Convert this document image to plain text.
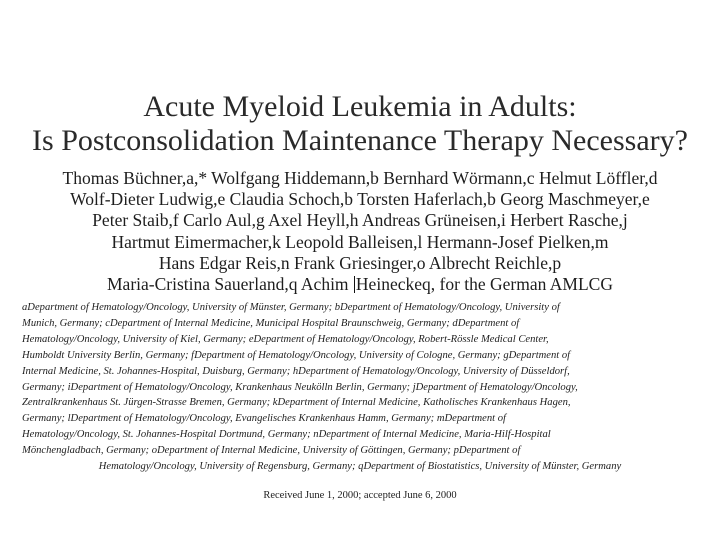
Acute Myeloid Leukemia in Adults:
Is Postconsolidation Maintenance Therapy Necessary?
Thomas Büchner,a,* Wolfgang Hiddemann,b Bernhard Wörmann,c Helmut Löffler,d
Wolf-Dieter Ludwig,e Claudia Schoch,b Torsten Haferlach,b Georg Maschmeyer,e
Peter Staib,f Carlo Aul,g Axel Heyll,h Andreas Grüneisen,i Herbert Rasche,j
Hartmut Eimermacher,k Leopold Balleisen,l Hermann-Josef Pielken,m
Hans Edgar Reis,n Frank Griesinger,o Albrecht Reichle,p
Maria-Cristina Sauerland,q Achim Heineckeq, for the German AMLCG
aDepartment of Hematology/Oncology, University of Münster, Germany; bDepartment of Hematology/Oncology, University of
Munich, Germany; cDepartment of Internal Medicine, Municipal Hospital Braunschweig, Germany; dDepartment of
Hematology/Oncology, University of Kiel, Germany; eDepartment of Hematology/Oncology, Robert-Rössle Medical Center,
Humboldt University Berlin, Germany; fDepartment of Hematology/Oncology, University of Cologne, Germany; gDepartment of
Internal Medicine, St. Johannes-Hospital, Duisburg, Germany; hDepartment of Hematology/Oncology, University of Düsseldorf,
Germany; iDepartment of Hematology/Oncology, Krankenhaus Neukölln Berlin, Germany; jDepartment of Hematology/Oncology,
Zentralkrankenhaus St. Jürgen-Strasse Bremen, Germany; kDepartment of Internal Medicine, Katholisches Krankenhaus Hagen,
Germany; lDepartment of Hematology/Oncology, Evangelisches Krankenhaus Hamm, Germany; mDepartment of
Hematology/Oncology, St. Johannes-Hospital Dortmund, Germany; nDepartment of Internal Medicine, Maria-Hilf-Hospital
Mönchengladbach, Germany; oDepartment of Internal Medicine, University of Göttingen, Germany; pDepartment of
Hematology/Oncology, University of Regensburg, Germany; qDepartment of Biostatistics, University of Münster, Germany
Received June 1, 2000; accepted June 6, 2000
